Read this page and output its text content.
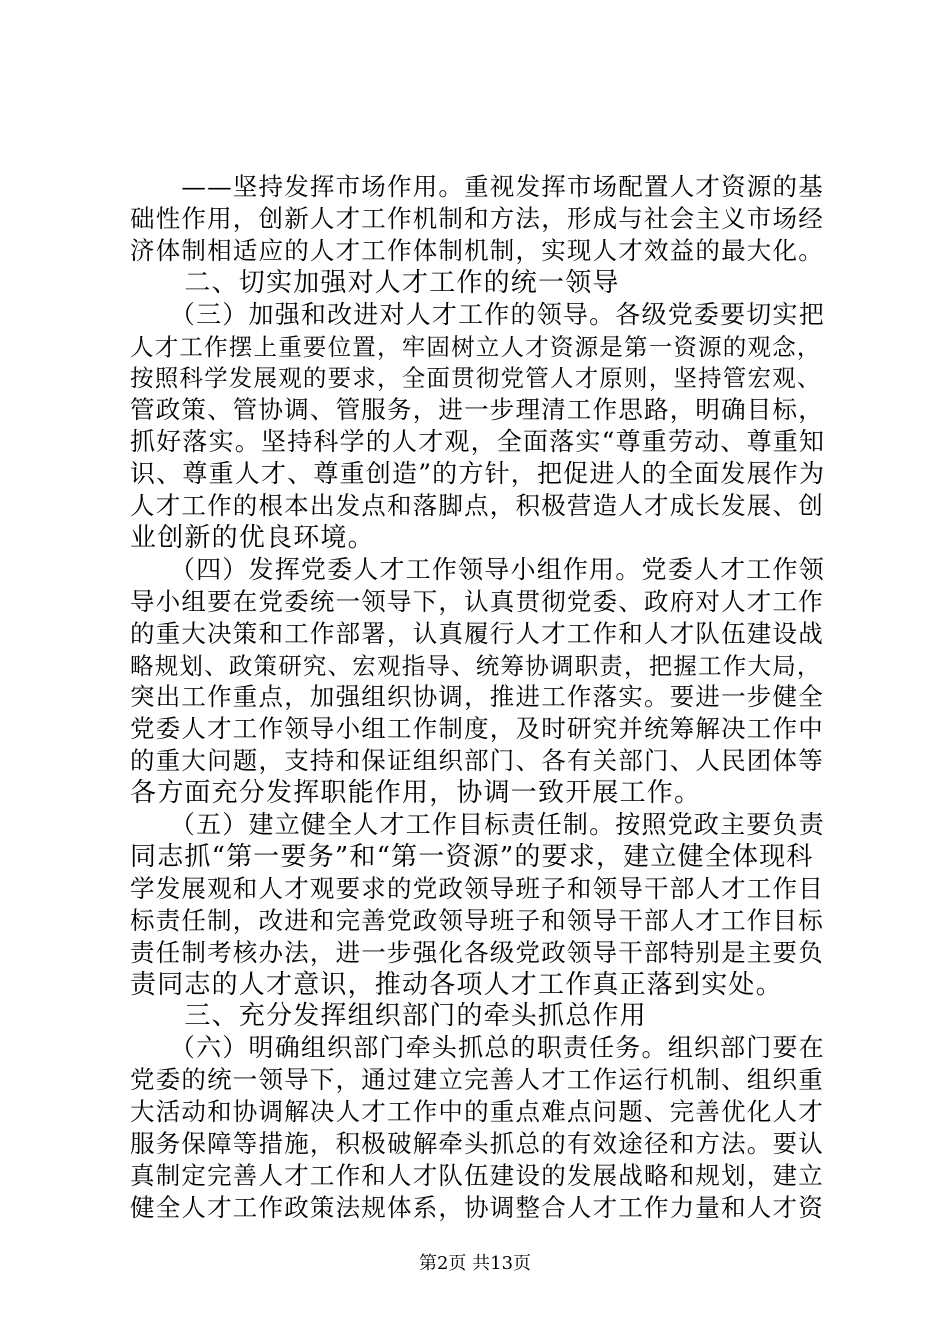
　　——坚持发挥市场作用。重视发挥市场配置人才资源的基
础性作用，创新人才工作机制和方法，形成与社会主义市场经
济体制相适应的人才工作体制机制，实现人才效益的最大化。
　　二、切实加强对人才工作的统一领导
　　（三）加强和改进对人才工作的领导。各级党委要切实把
人才工作摆上重要位置，牢固树立人才资源是第一资源的观念，
按照科学发展观的要求，全面贯彻党管人才原则，坚持管宏观、
管政策、管协调、管服务，进一步理清工作思路，明确目标，
抓好落实。坚持科学的人才观，全面落实“尊重劳动、尊重知
识、尊重人才、尊重创造”的方针，把促进人的全面发展作为
人才工作的根本出发点和落脚点，积极营造人才成长发展、创
业创新的优良环境。
　　（四）发挥党委人才工作领导小组作用。党委人才工作领
导小组要在党委统一领导下，认真贯彻党委、政府对人才工作
的重大决策和工作部署，认真履行人才工作和人才队伍建设战
略规划、政策研究、宏观指导、统筹协调职责，把握工作大局，
突出工作重点，加强组织协调，推进工作落实。要进一步健全
党委人才工作领导小组工作制度，及时研究并统筹解决工作中
的重大问题，支持和保证组织部门、各有关部门、人民团体等
各方面充分发挥职能作用，协调一致开展工作。
　　（五）建立健全人才工作目标责任制。按照党政主要负责
同志抓“第一要务”和“第一资源”的要求，建立健全体现科
学发展观和人才观要求的党政领导班子和领导干部人才工作目
标责任制，改进和完善党政领导班子和领导干部人才工作目标
责任制考核办法，进一步强化各级党政领导干部特别是主要负
责同志的人才意识，推动各项人才工作真正落到实处。
　　三、充分发挥组织部门的牵头抓总作用
　　（六）明确组织部门牵头抓总的职责任务。组织部门要在
党委的统一领导下，通过建立完善人才工作运行机制、组织重
大活动和协调解决人才工作中的重点难点问题、完善优化人才
服务保障等措施，积极破解牵头抓总的有效途径和方法。要认
真制定完善人才工作和人才队伍建设的发展战略和规划，建立
健全人才工作政策法规体系，协调整合人才工作力量和人才资
第2页 共13页
